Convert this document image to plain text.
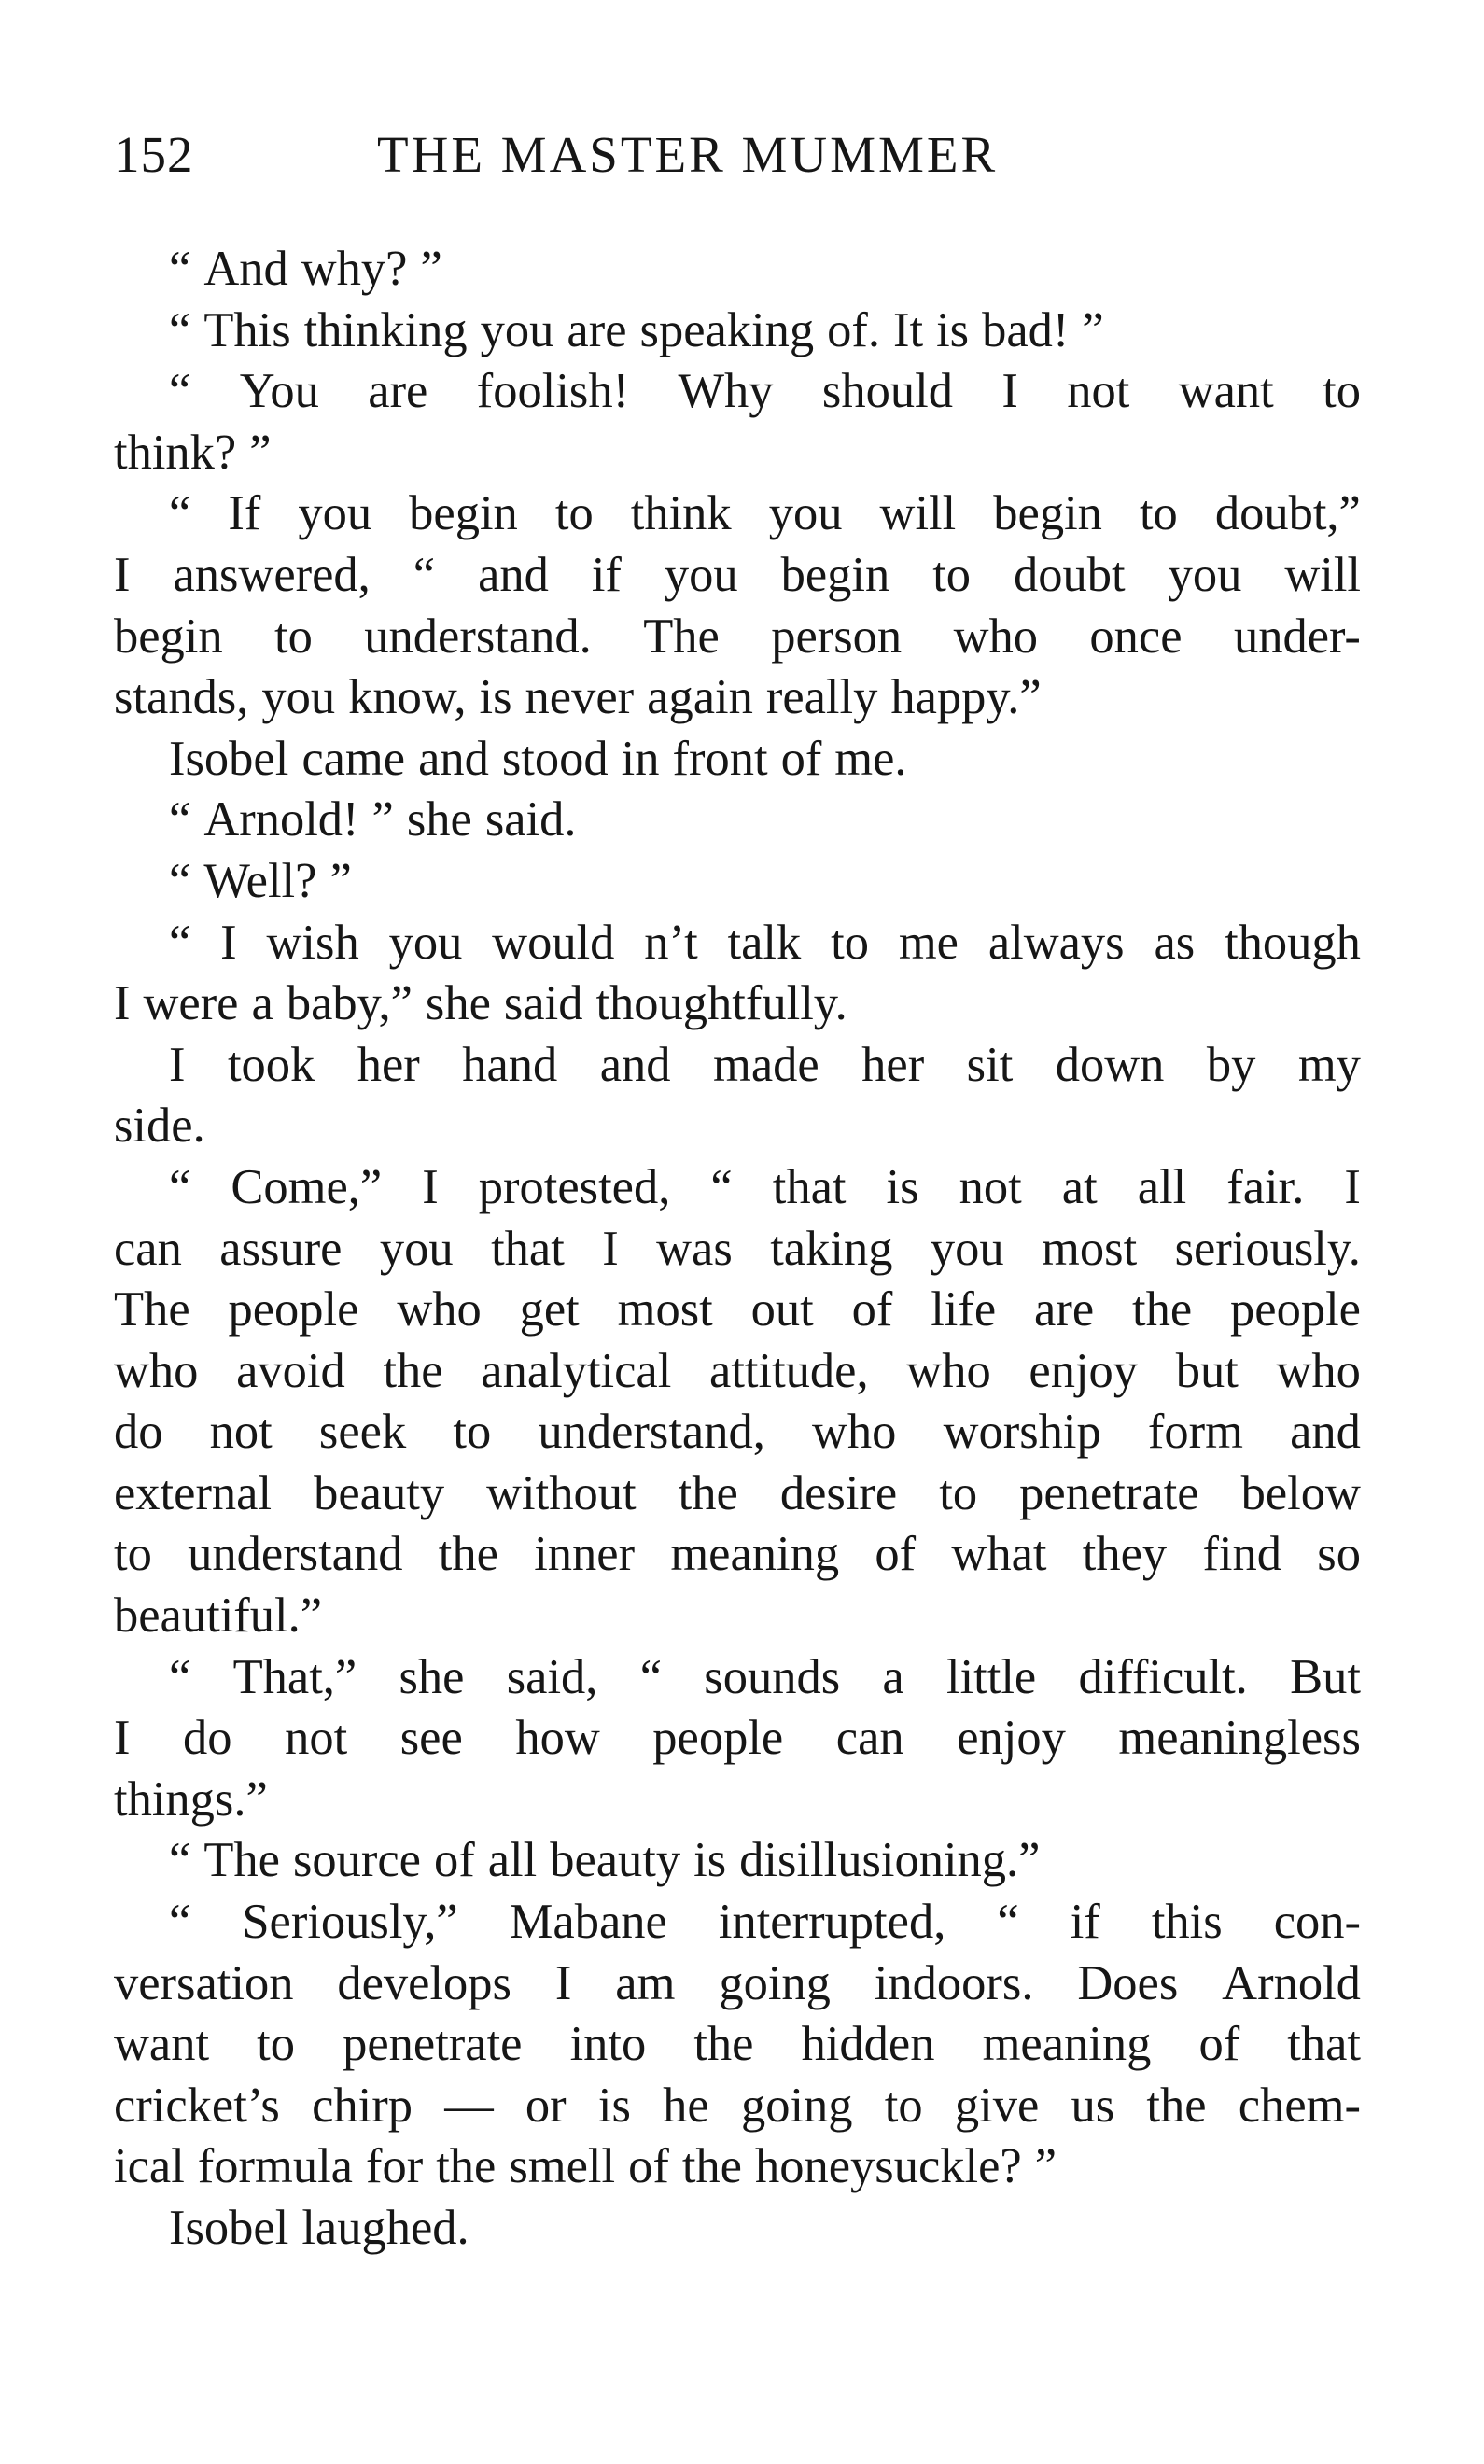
152	THE MASTER MUMMER
“ And why? ”
“ This thinking you are speaking of. It is bad! ”
“ You are foolish! Why should I not want to
think? ”
“ If you begin to think you will begin to doubt,”
I answered, “ and if you begin to doubt you will
begin to understand. The person who once under-
stands, you know, is never again really happy.”
Isobel came and stood in front of me.
“ Arnold! ” she said.
“ Well? ”
“ I wish you would n’t talk to me always as though
I were a baby,” she said thoughtfully.
I took her hand and made her sit down by my
side.
“ Come,” I protested, “ that is not at all fair. I
can assure you that I was taking you most seriously.
The people who get most out of life are the people
who avoid the analytical attitude, who enjoy but who
do not seek to understand, who worship form and
external beauty without the desire to penetrate below
to understand the inner meaning of what they find so
beautiful.”
“ That,” she said, “ sounds a little difficult. But
I do not see how people can enjoy meaningless
things.”
“ The source of all beauty is disillusioning.”
“ Seriously,” Mabane interrupted, “ if this con-
versation develops I am going indoors. Does Arnold
want to penetrate into the hidden meaning of that
cricket’s chirp — or is he going to give us the chem-
ical formula for the smell of the honeysuckle? ”
Isobel laughed.
